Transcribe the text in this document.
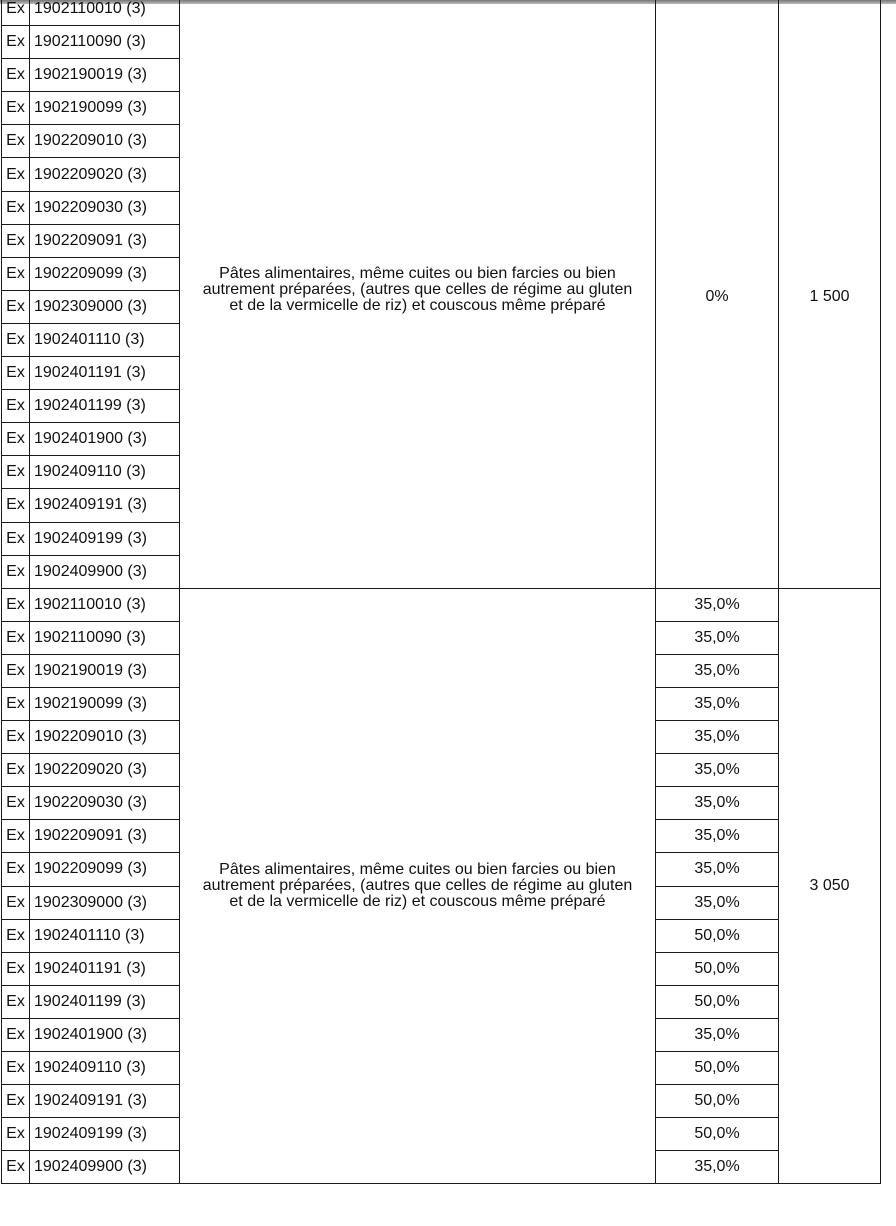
Ex	1902110010 (3)	Pâtes alimentaires, même cuites ou bien farcies ou bien autrement préparées, (autres que celles de régime au gluten et de la vermicelle de riz) et couscous même préparé	0%	1 500
Ex	1902110090 (3)			
Ex	1902190019 (3)			
Ex	1902190099 (3)			
Ex	1902209010 (3)			
Ex	1902209020 (3)			
Ex	1902209030 (3)			
Ex	1902209091 (3)			
Ex	1902209099 (3)			
Ex	1902309000 (3)			
Ex	1902401110 (3)			
Ex	1902401191 (3)			
Ex	1902401199 (3)			
Ex	1902401900 (3)			
Ex	1902409110 (3)			
Ex	1902409191 (3)			
Ex	1902409199 (3)			
Ex	1902409900 (3)			
Ex	1902110010 (3)	Pâtes alimentaires, même cuites ou bien farcies ou bien autrement préparées, (autres que celles de régime au gluten et de la vermicelle de riz) et couscous même préparé	35,0%	3 050
Ex	1902110090 (3)		35,0%	
Ex	1902190019 (3)		35,0%	
Ex	1902190099 (3)		35,0%	
Ex	1902209010 (3)		35,0%	
Ex	1902209020 (3)		35,0%	
Ex	1902209030 (3)		35,0%	
Ex	1902209091 (3)		35,0%	
Ex	1902209099 (3)		35,0%	
Ex	1902309000 (3)		35,0%	
Ex	1902401110 (3)		50,0%	
Ex	1902401191 (3)		50,0%	
Ex	1902401199 (3)		50,0%	
Ex	1902401900 (3)		35,0%	
Ex	1902409110 (3)		50,0%	
Ex	1902409191 (3)		50,0%	
Ex	1902409199 (3)		50,0%	
Ex	1902409900 (3)		35,0%	
